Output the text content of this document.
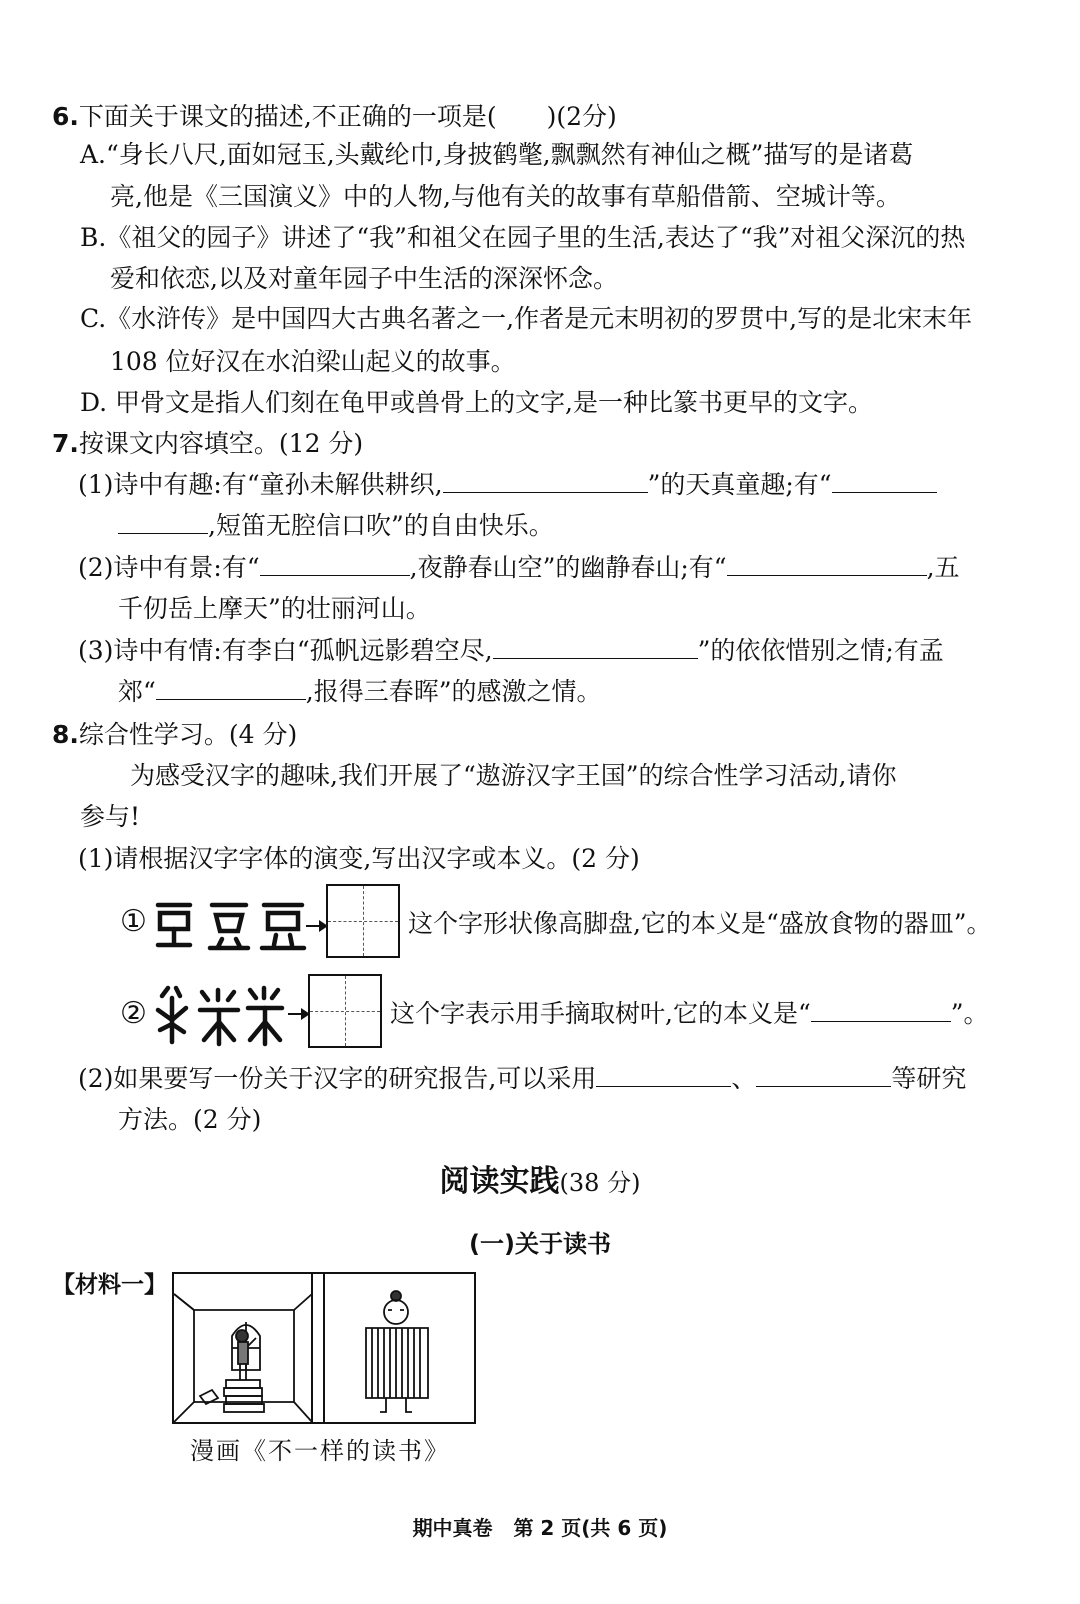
6.下面关于课文的描述,不正确的一项是(　　)(2分)
A.“身长八尺,面如冠玉,头戴纶巾,身披鹤氅,飘飘然有神仙之概”描写的是诸葛
亮,他是《三国演义》中的人物,与他有关的故事有草船借箭、空城计等。
B.《祖父的园子》讲述了“我”和祖父在园子里的生活,表达了“我”对祖父深沉的热
爱和依恋,以及对童年园子中生活的深深怀念。
C.《水浒传》是中国四大古典名著之一,作者是元末明初的罗贯中,写的是北宋末年
108 位好汉在水泊梁山起义的故事。
D. 甲骨文是指人们刻在龟甲或兽骨上的文字,是一种比篆书更早的文字。
7.按课文内容填空。(12 分)
(1)诗中有趣:有“童孙未解供耕织,	”的天真童趣;有“
,短笛无腔信口吹”的自由快乐。
(2)诗中有景:有“	,夜静春山空”的幽静春山;有“	,五
千仞岳上摩天”的壮丽河山。
(3)诗中有情:有李白“孤帆远影碧空尽,	”的依依惜别之情;有孟
郊“	,报得三春晖”的感激之情。
8.综合性学习。(4 分)
为感受汉字的趣味,我们开展了“遨游汉字王国”的综合性学习活动,请你
参与!
(1)请根据汉字字体的演变,写出汉字或本义。(2 分)
①	这个字形状像高脚盘,它的本义是“盛放食物的器皿”。
②	这个字表示用手摘取树叶,它的本义是“	”。
(2)如果要写一份关于汉字的研究报告,可以采用	、	等研究
方法。(2 分)
阅读实践(38 分)
(一)关于读书
【材料一】
漫画《不一样的读书》
期中真卷 第 2 页(共 6 页)
